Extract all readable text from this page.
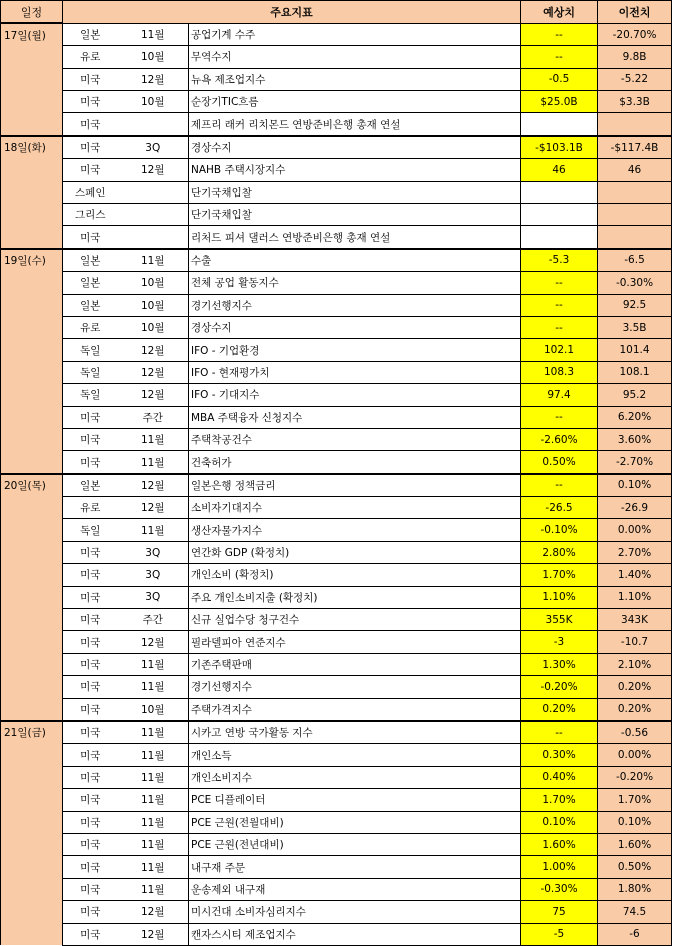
일정	주요지표				예상치	이전치
17일(월)	일본	11월	공업기계 수주		--	-20.70%
	유로	10월	무역수지		--	9.8B
	미국	12월	뉴욕 제조업지수		-0.5	-5.22
	미국	10월	순장기TIC흐름		$25.0B	$3.3B
	미국		제프리 래커 리치몬드 연방준비은행 총재 연설			
18일(화)	미국	3Q	경상수지		-$103.1B	-$117.4B
	미국	12월	NAHB 주택시장지수		46	46
	스페인		단기국채입찰			
	그리스		단기국채입찰			
	미국		리처드 피셔 댈러스 연방준비은행 총재 연설			
19일(수)	일본	11월	수출		-5.3	-6.5
	일본	10월	전체 공업 활동지수		--	-0.30%
	일본	10월	경기선행지수		--	92.5
	유로	10월	경상수지		--	3.5B
	독일	12월	IFO - 기업환경		102.1	101.4
	독일	12월	IFO - 현재평가치		108.3	108.1
	독일	12월	IFO - 기대지수		97.4	95.2
	미국	주간	MBA 주택융자 신청지수		--	6.20%
	미국	11월	주택착공건수		-2.60%	3.60%
	미국	11월	건축허가		0.50%	-2.70%
20일(목)	일본	12월	일본은행 정책금리		--	0.10%
	유로	12월	소비자기대지수		-26.5	-26.9
	독일	11월	생산자물가지수		-0.10%	0.00%
	미국	3Q	연간화 GDP (확정치)		2.80%	2.70%
	미국	3Q	개인소비 (확정치)		1.70%	1.40%
	미국	3Q	주요 개인소비지출 (확정치)		1.10%	1.10%
	미국	주간	신규 실업수당 청구건수		355K	343K
	미국	12월	필라델피아 연준지수		-3	-10.7
	미국	11월	기존주택판매		1.30%	2.10%
	미국	11월	경기선행지수		-0.20%	0.20%
	미국	10월	주택가격지수		0.20%	0.20%
21일(금)	미국	11월	시카고 연방 국가활동 지수		--	-0.56
	미국	11월	개인소득		0.30%	0.00%
	미국	11월	개인소비지수		0.40%	-0.20%
	미국	11월	PCE 디플레이터		1.70%	1.70%
	미국	11월	PCE 근원(전월대비)		0.10%	0.10%
	미국	11월	PCE 근원(전년대비)		1.60%	1.60%
	미국	11월	내구재 주문		1.00%	0.50%
	미국	11월	운송제외 내구재		-0.30%	1.80%
	미국	12월	미시건대 소비자심리지수		75	74.5
	미국	12월	캔자스시티 제조업지수		-5	-6
